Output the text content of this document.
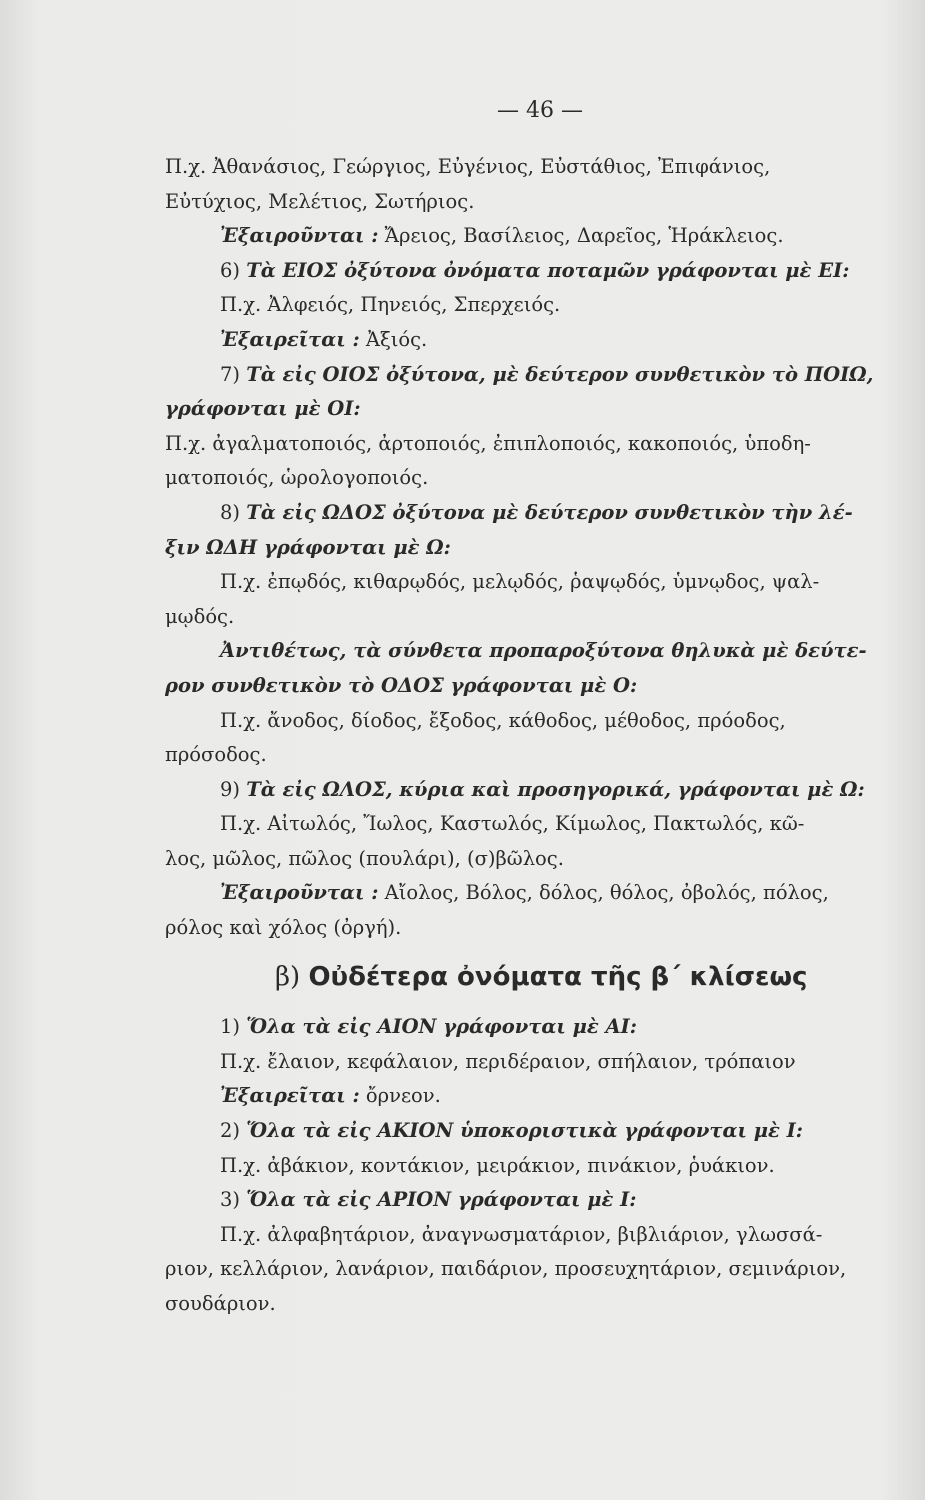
— 46 —

Π.χ. Ἀθανάσιος, Γεώργιος, Εὐγένιος, Εὐστάθιος, Ἐπιφάνιος,

Εὐτύχιος, Μελέτιος, Σωτήριος.

Ἐξαιροῦνται : Ἄρειος, Βασίλειος, Δαρεῖος, Ἡράκλειος.

6) Τὰ ΕΙΟΣ ὀξύτονα ὀνόματα ποταμῶν γράφονται μὲ ΕΙ:

Π.χ. Ἀλφειός, Πηνειός, Σπερχειός.

Ἐξαιρεῖται : Ἀξιός.

7) Τὰ εἰς ΟΙΟΣ ὀξύτονα, μὲ δεύτερον συνθετικὸν τὸ ΠΟΙΩ,

γράφονται μὲ ΟΙ:

Π.χ. ἀγαλματοποιός, ἀρτοποιός, ἐπιπλοποιός, κακοποιός, ὑποδη-

ματοποιός, ὡρολογοποιός.

8) Τὰ εἰς ΩΔΟΣ ὀξύτονα μὲ δεύτερον συνθετικὸν τὴν λέ-

ξιν ΩΔΗ γράφονται μὲ Ω:

Π.χ. ἐπῳδός, κιθαρῳδός, μελῳδός, ῥαψῳδός, ὑμνῳδος, ψαλ-

μῳδός.

Ἀντιθέτως, τὰ σύνθετα προπαροξύτονα θηλυκὰ μὲ δεύτε-

ρον συνθετικὸν τὸ ΟΔΟΣ γράφονται μὲ Ο:

Π.χ. ἄνοδος, δίοδος, ἔξοδος, κάθοδος, μέθοδος, πρόοδος,

πρόσοδος.

9) Τὰ εἰς ΩΛΟΣ, κύρια καὶ προσηγορικά, γράφονται μὲ Ω:

Π.χ. Αἰτωλός, Ἴωλος, Καστωλός, Κίμωλος, Πακτωλός, κῶ-

λος, μῶλος, πῶλος (πουλάρι), (σ)βῶλος.

Ἐξαιροῦνται : Αἴολος, Βόλος, δόλος, θόλος, ὀβολός, πόλος,

ρόλος καὶ χόλος (ὀργή).

β) Οὐδέτερα ὀνόματα τῆς β΄ κλίσεως

1) Ὅλα τὰ εἰς ΑΙΟΝ γράφονται μὲ ΑΙ:

Π.χ. ἔλαιον, κεφάλαιον, περιδέραιον, σπήλαιον, τρόπαιον

Ἐξαιρεῖται : ὄρνεον.

2) Ὅλα τὰ εἰς ΑΚΙΟΝ ὑποκοριστικὰ γράφονται μὲ Ι:

Π.χ. ἀβάκιον, κοντάκιον, μειράκιον, πινάκιον, ῥυάκιον.

3) Ὅλα τὰ εἰς ΑΡΙΟΝ γράφονται μὲ Ι:

Π.χ. ἀλφαβητάριον, ἀναγνωσματάριον, βιβλιάριον, γλωσσά-

ριον, κελλάριον, λανάριον, παιδάριον, προσευχητάριον, σεμινάριον,

σουδάριον.
